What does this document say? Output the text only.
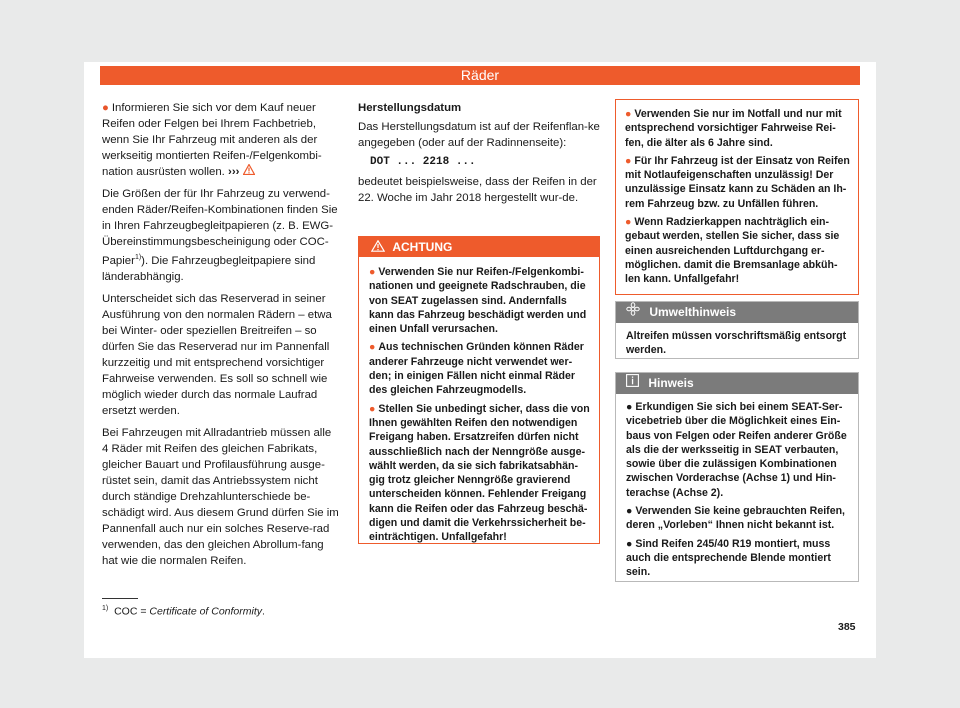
Räder

● Informieren Sie sich vor dem Kauf neuer Reifen oder Felgen bei Ihrem Fachbetrieb, wenn Sie Ihr Fahrzeug mit anderen als der werkseitig montierten Reifen-/Felgenkombi-nation ausrüsten wollen. ›››

Die Größen der für Ihr Fahrzeug zu verwend-enden Räder/Reifen-Kombinationen finden Sie in Ihren Fahrzeugbegleitpapieren (z. B. EWG-Übereinstimmungsbescheinigung oder COC-Papier$^{1)}$). Die Fahrzeugbegleitpapiere sind länderabhängig.

Unterscheidet sich das Reserverad in seiner Ausführung von den normalen Rädern – etwa bei Winter- oder speziellen Breitreifen – so dürfen Sie das Reserverad nur im Pannenfall kurzzeitig und mit entsprechend vorsichtiger Fahrweise verwenden. Es soll so schnell wie möglich wieder durch das normale Laufrad ersetzt werden.

Bei Fahrzeugen mit Allradantrieb müssen alle 4 Räder mit Reifen des gleichen Fabrikats, gleicher Bauart und Profilausführung ausge-rüstet sein, damit das Antriebssystem nicht durch ständige Drehzahlunterschiede be-schädigt wird. Aus diesem Grund dürfen Sie im Pannenfall auch nur ein solches Reserve-rad verwenden, das den gleichen Abrollum-fang hat wie die normalen Reifen.

Herstellungsdatum

Das Herstellungsdatum ist auf der Reifenflan-ke angegeben (oder auf der Radinnenseite):

DOT ... 2218 ...

bedeutet beispielsweise, dass der Reifen in der 22. Woche im Jahr 2018 hergestellt wur-de.

ACHTUNG

● Verwenden Sie nur Reifen-/Felgenkombi-nationen und geeignete Radschrauben, die von SEAT zugelassen sind. Andernfalls kann das Fahrzeug beschädigt werden und einen Unfall verursachen.

● Aus technischen Gründen können Räder anderer Fahrzeuge nicht verwendet wer-den; in einigen Fällen nicht einmal Räder des gleichen Fahrzeugmodells.

● Stellen Sie unbedingt sicher, dass die von Ihnen gewählten Reifen den notwendigen Freigang haben. Ersatzreifen dürfen nicht ausschließlich nach der Nenngröße ausge-wählt werden, da sie sich fabrikatsabhän-gig trotz gleicher Nenngröße gravierend unterscheiden können. Fehlender Freigang kann die Reifen oder das Fahrzeug beschä-digen und damit die Verkehrssicherheit be-einträchtigen. Unfallgefahr!

● Verwenden Sie nur im Notfall und nur mit entsprechend vorsichtiger Fahrweise Rei-fen, die älter als 6 Jahre sind.

● Für Ihr Fahrzeug ist der Einsatz von Reifen mit Notlaufeigenschaften unzulässig! Der unzulässige Einsatz kann zu Schäden an Ih-rem Fahrzeug bzw. zu Unfällen führen.

● Wenn Radzierkappen nachträglich ein-gebaut werden, stellen Sie sicher, dass sie einen ausreichenden Luftdurchgang er-möglichen. damit die Bremsanlage abküh-len kann. Unfallgefahr!

Umwelthinweis

Altreifen müssen vorschriftsmäßig entsorgt werden.

Hinweis

● Erkundigen Sie sich bei einem SEAT-Ser-vicebetrieb über die Möglichkeit eines Ein-baus von Felgen oder Reifen anderer Größe als die der werksseitig in SEAT verbauten, sowie über die zulässigen Kombinationen zwischen Vorderachse (Achse 1) und Hin-terachse (Achse 2).

● Verwenden Sie keine gebrauchten Reifen, deren „Vorleben“ Ihnen nicht bekannt ist.

● Sind Reifen 245/40 R19 montiert, muss auch die entsprechende Blende montiert sein.

$^{1)}$ COC = Certificate of Conformity.
385
